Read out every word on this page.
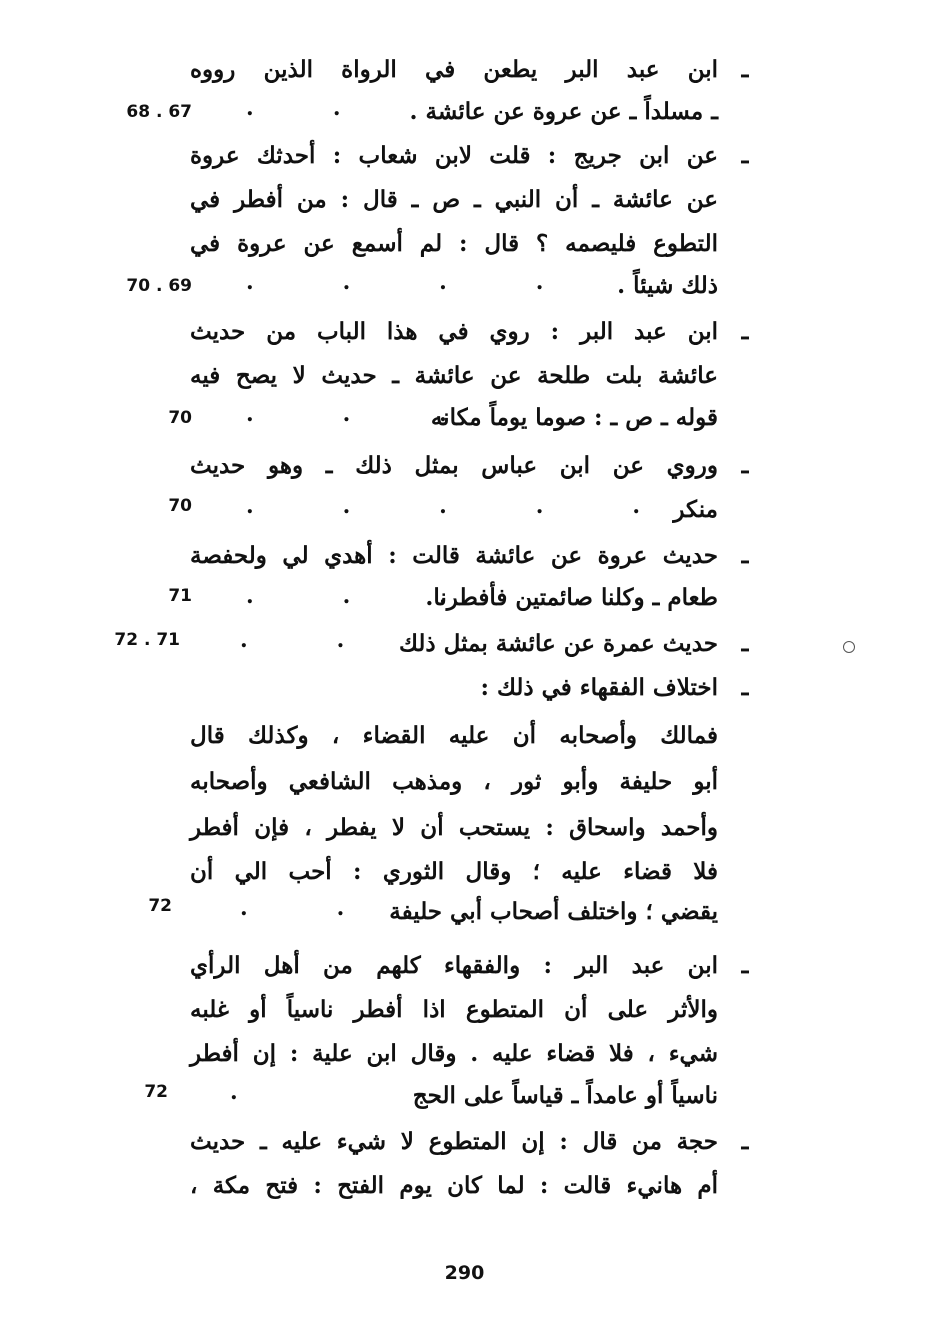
ـ
ابن عبد البر يطعن في الرواة الذين رووه
ـ مسلداً ـ عن عروة عن عائشة .
.        .
68 . 67
ـ
عن ابن جريج : قلت لابن شعاب : أحدثك عروة
عن عائشة ـ أن النبي ـ ص ـ قال : من أفطر في
التطوع فليصمه ؟ قال : لم أسمع عن عروة في
ذلك شيئاً .
.         .         .         .
70 . 69
ـ
ابن عبد البر : روي في هذا الباب من حديث
عائشة بلت طلحة عن عائشة ـ حديث لا يصح فيه
قوله ـ ص ـ : صوما يوماً مكانه
.         .         .
70
ـ
وروي عن ابن عباس بمثل ذلك ـ وهو حديث
منكر
.         .         .         .         .
70
ـ
حديث عروة عن عائشة قالت : أهدي لي ولحفصة
طعام ـ وكلنا صائمتين فأفطرنا.
.         .         .
71
ـ
حديث عمرة عن عائشة بمثل ذلك
.         .
72 . 71
ـ
اختلاف الفقهاء في ذلك :
فمالك وأصحابه أن عليه القضاء ، وكذلك قال
أبو حليفة وأبو ثور ، ومذهب الشافعي وأصحابه
وأحمد واسحاق : يستحب أن لا يفطر ، فإن أفطر
فلا قضاء عليه ؛ وقال الثوري : أحب الي أن
يقضي ؛ واختلف أصحاب أبي حليفة
.         .
72
ـ
ابن عبد البر : والفقهاء كلهم من أهل الرأي
والأثر على أن المتطوع اذا أفطر ناسياً أو غلبه
شيء ، فلا قضاء عليه . وقال ابن علية : إن أفطر
ناسياً أو عامداً ـ قياساً على الحج
.
72
ـ
حجة من قال : إن المتطوع لا شيء عليه ـ حديث
أم هانيء قالت : لما كان يوم الفتح : فتح مكة ،
290
